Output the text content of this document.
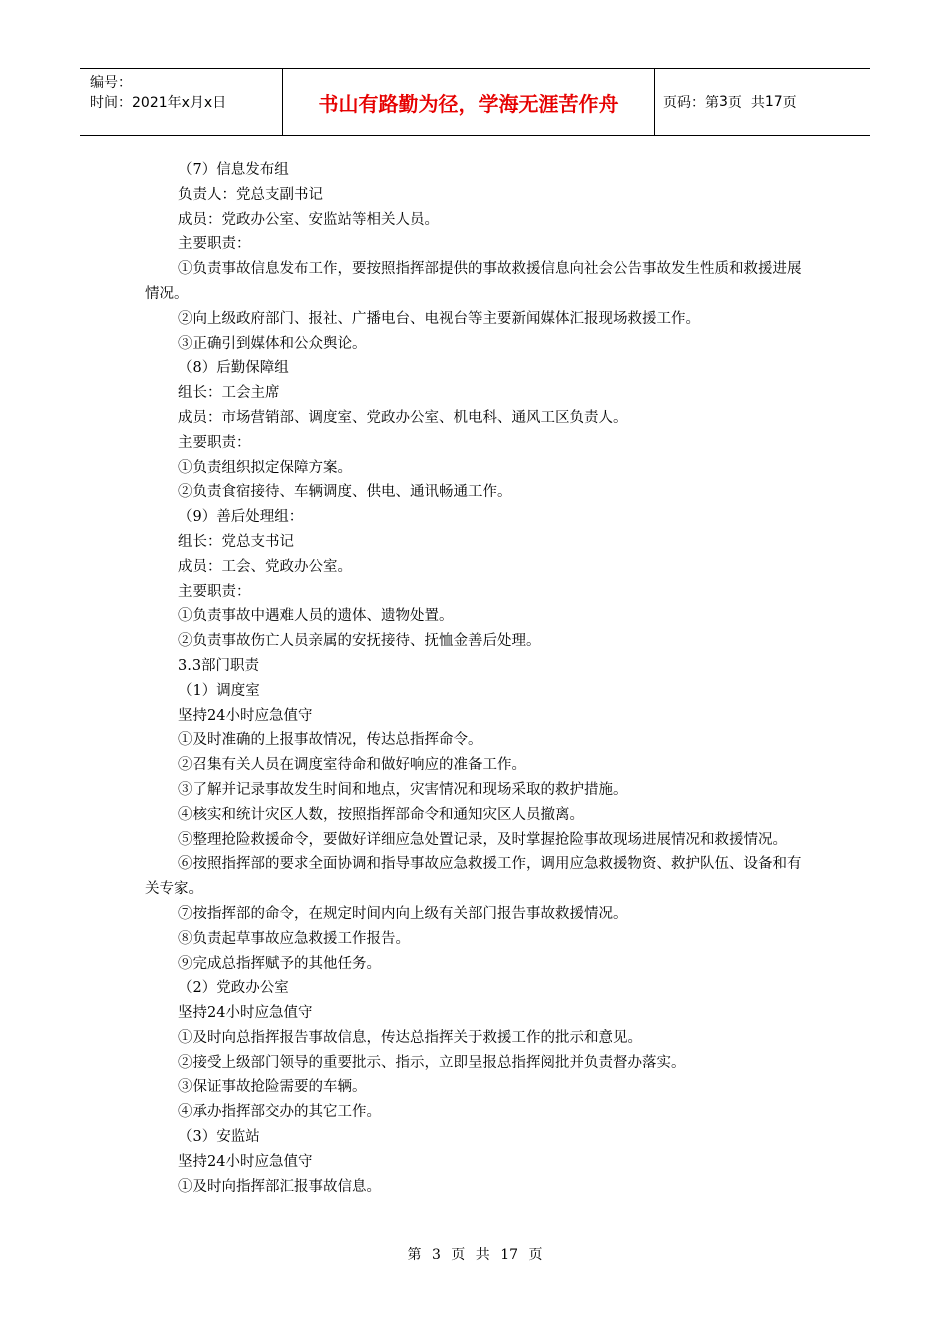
编号：
时间：2021年x月x日	书山有路勤为径，学海无涯苦作舟	页码：第 3 页  共 17 页

（7）信息发布组

负责人：党总支副书记

成员：党政办公室、安监站等相关人员。

主要职责：

①负责事故信息发布工作，要按照指挥部提供的事故救援信息向社会公告事故发生性质和救援进展情况。

②向上级政府部门、报社、广播电台、电视台等主要新闻媒体汇报现场救援工作。

③正确引到媒体和公众舆论。

（8）后勤保障组

组长：工会主席

成员：市场营销部、调度室、党政办公室、机电科、通风工区负责人。

主要职责：

①负责组织拟定保障方案。

②负责食宿接待、车辆调度、供电、通讯畅通工作。

（9）善后处理组：

组长：党总支书记

成员：工会、党政办公室。

主要职责：

①负责事故中遇难人员的遗体、遗物处置。

②负责事故伤亡人员亲属的安抚接待、抚恤金善后处理。

3.3部门职责

（1）调度室

坚持24小时应急值守

①及时准确的上报事故情况，传达总指挥命令。

②召集有关人员在调度室待命和做好响应的准备工作。

③了解并记录事故发生时间和地点，灾害情况和现场采取的救护措施。

④核实和统计灾区人数，按照指挥部命令和通知灾区人员撤离。

⑤整理抢险救援命令，要做好详细应急处置记录，及时掌握抢险事故现场进展情况和救援情况。

⑥按照指挥部的要求全面协调和指导事故应急救援工作，调用应急救援物资、救护队伍、设备和有关专家。

⑦按指挥部的命令，在规定时间内向上级有关部门报告事故救援情况。

⑧负责起草事故应急救援工作报告。

⑨完成总指挥赋予的其他任务。

（2）党政办公室

坚持24小时应急值守

①及时向总指挥报告事故信息，传达总指挥关于救援工作的批示和意见。

②接受上级部门领导的重要批示、指示，立即呈报总指挥阅批并负责督办落实。

③保证事故抢险需要的车辆。

④承办指挥部交办的其它工作。

（3）安监站

坚持24小时应急值守

①及时向指挥部汇报事故信息。

第 3 页 共 17 页
